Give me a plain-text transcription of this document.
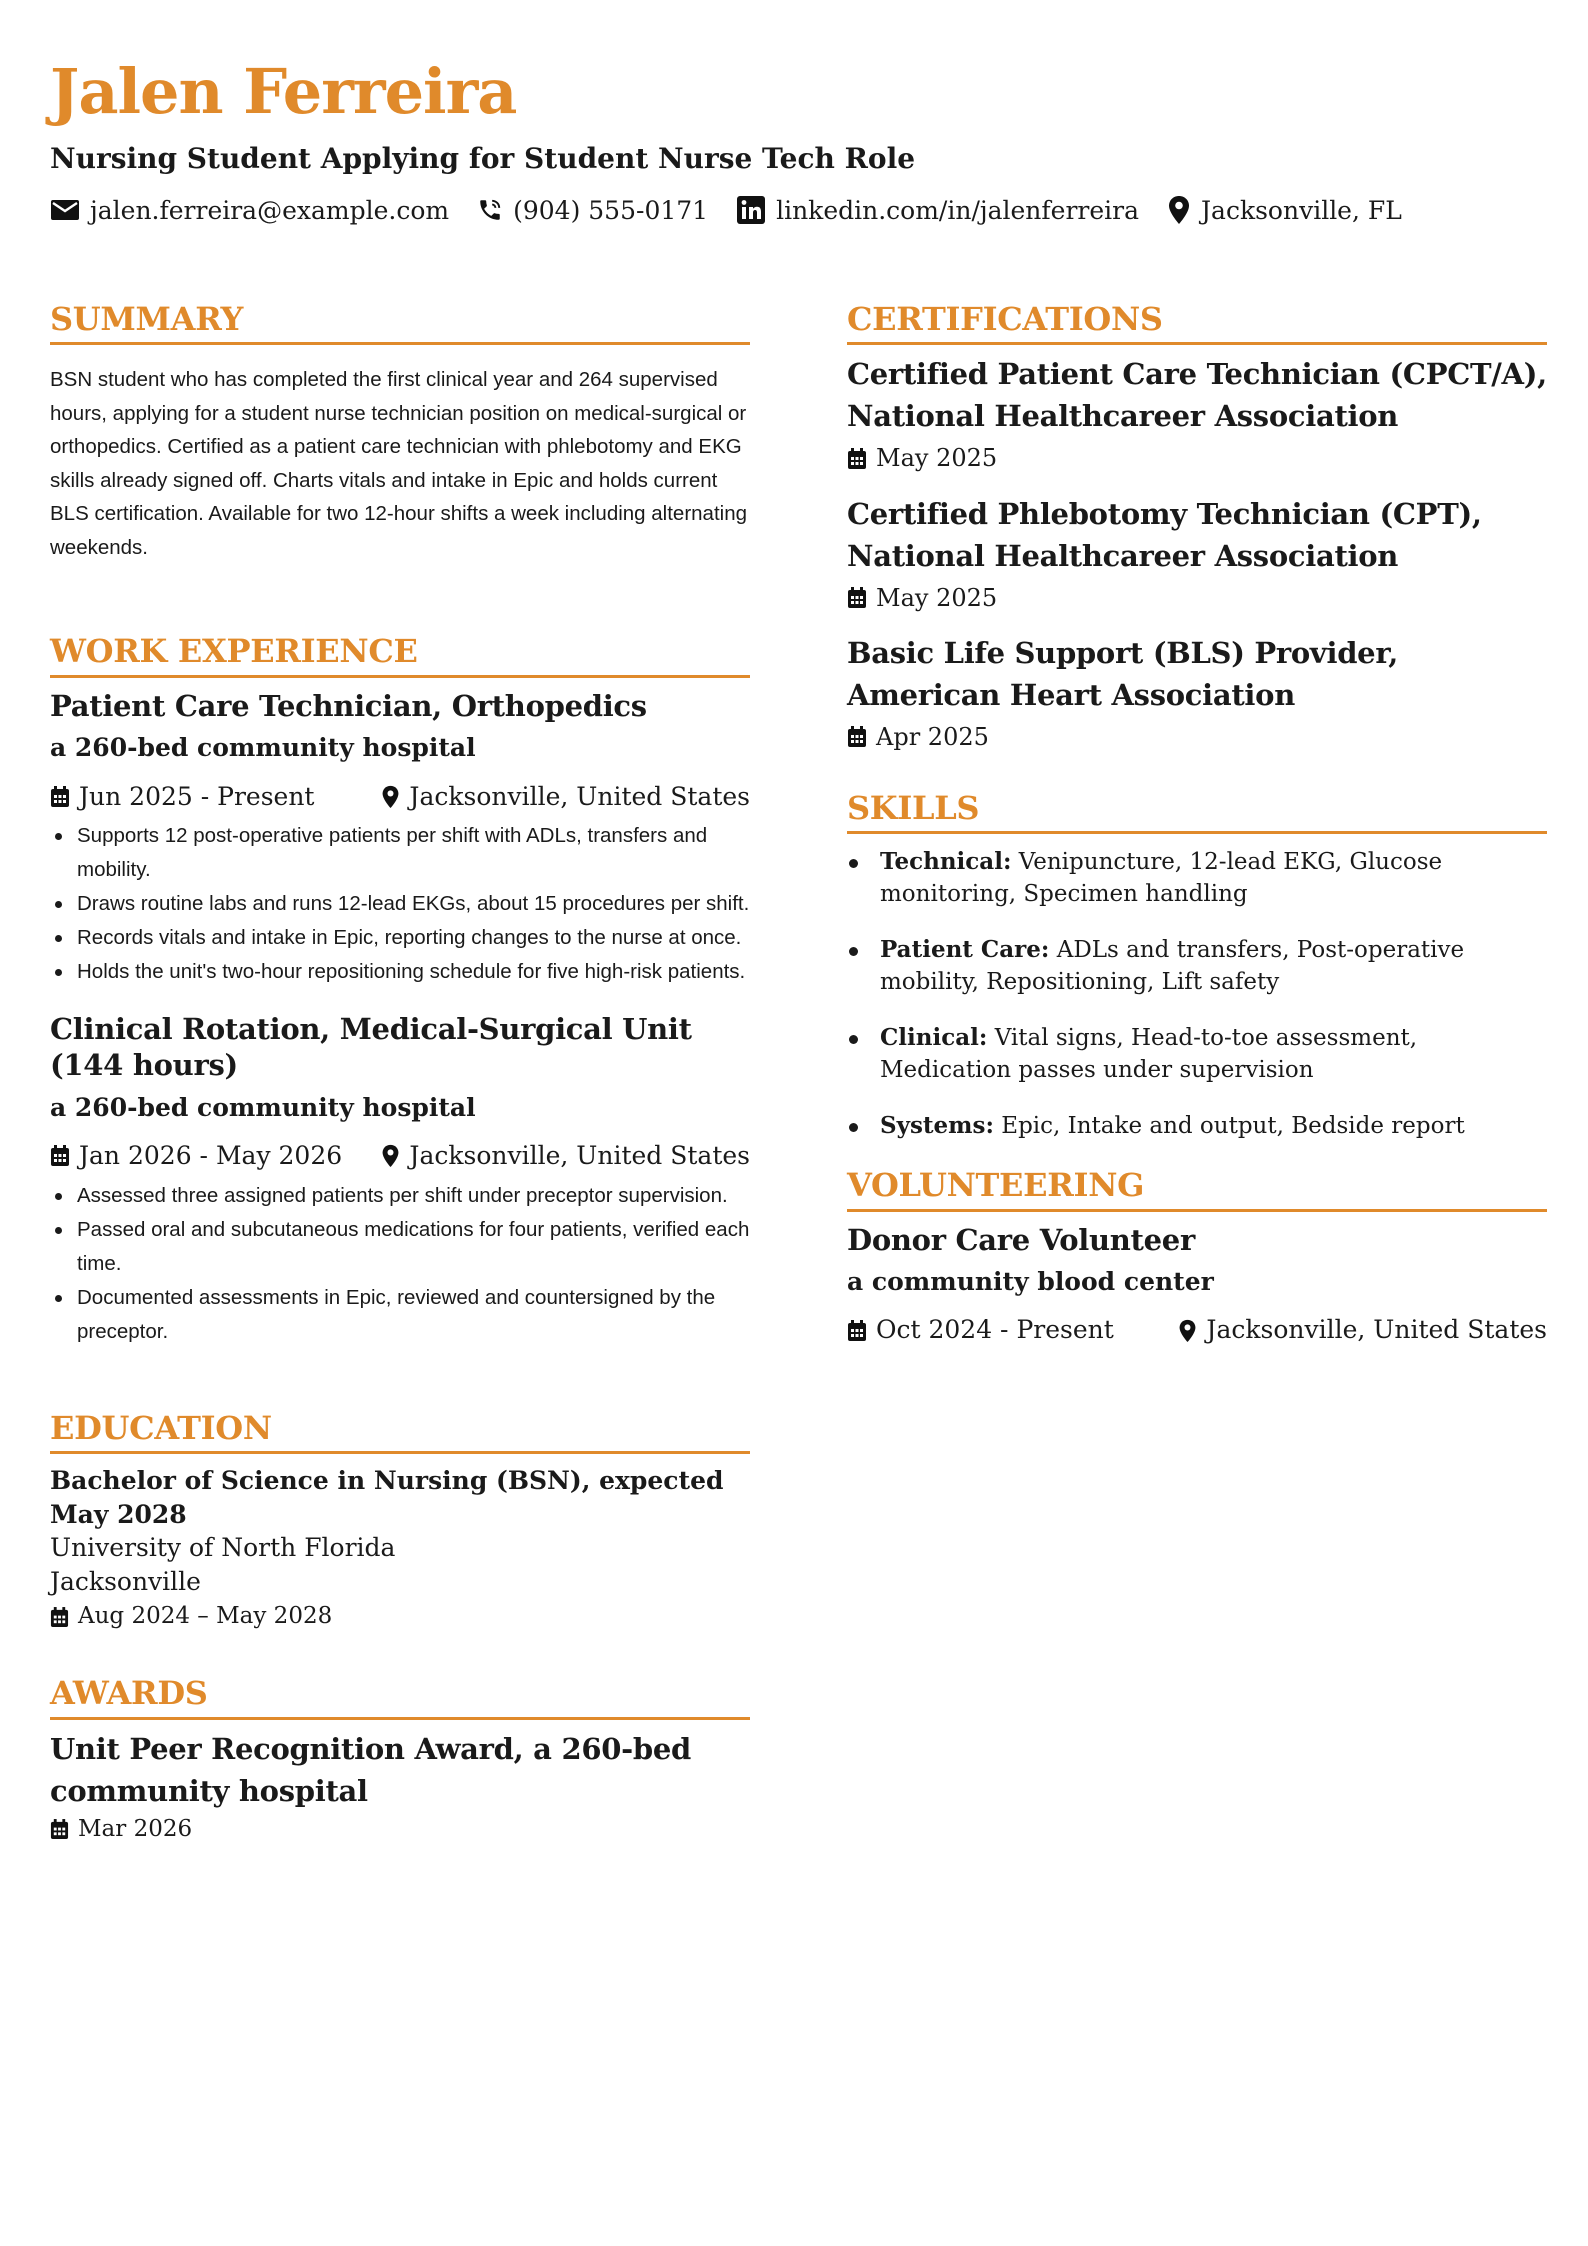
Jalen Ferreira
Nursing Student Applying for Student Nurse Tech Role
jalen.ferreira@example.com	(904) 555-0171	linkedin.com/in/jalenferreira Jacksonville, FL
SUMMARY

BSN student who has completed the first clinical year and 264 supervised hours, applying for a student nurse technician position on medical-surgical or orthopedics. Certified as a patient care technician with phlebotomy and EKG skills already signed off. Charts vitals and intake in Epic and holds current BLS certification. Available for two 12-hour shifts a week including alternating weekends.

WORK EXPERIENCE
Patient Care Technician, Orthopedics
a 260-bed community hospital
Jun 2025 - Present	Jacksonville, United States
Supports 12 post-operative patients per shift with ADLs, transfers and mobility.
Draws routine labs and runs 12-lead EKGs, about 15 procedures per shift.
Records vitals and intake in Epic, reporting changes to the nurse at once.
Holds the unit's two-hour repositioning schedule for five high-risk patients.
Clinical Rotation, Medical-Surgical Unit (144 hours)
a 260-bed community hospital
Jan 2026 - May 2026	Jacksonville, United States
Assessed three assigned patients per shift under preceptor supervision.
Passed oral and subcutaneous medications for four patients, verified each time.
Documented assessments in Epic, reviewed and countersigned by the preceptor.
EDUCATION
Bachelor of Science in Nursing (BSN), expected May 2028
University of North Florida
Jacksonville
Aug 2024 – May 2028
AWARDS
Unit Peer Recognition Award, a 260-bed community hospital
Mar 2026
CERTIFICATIONS
Certified Patient Care Technician (CPCT/A), National Healthcareer Association
May 2025
Certified Phlebotomy Technician (CPT), National Healthcareer Association
May 2025
Basic Life Support (BLS) Provider, American Heart Association
Apr 2025
SKILLS
Technical: Venipuncture, 12-lead EKG, Glucose monitoring, Specimen handling
Patient Care: ADLs and transfers, Post-operative mobility, Repositioning, Lift safety
Clinical: Vital signs, Head-to-toe assessment, Medication passes under supervision
Systems: Epic, Intake and output, Bedside report
VOLUNTEERING
Donor Care Volunteer
a community blood center
Oct 2024 - Present	Jacksonville, United States
